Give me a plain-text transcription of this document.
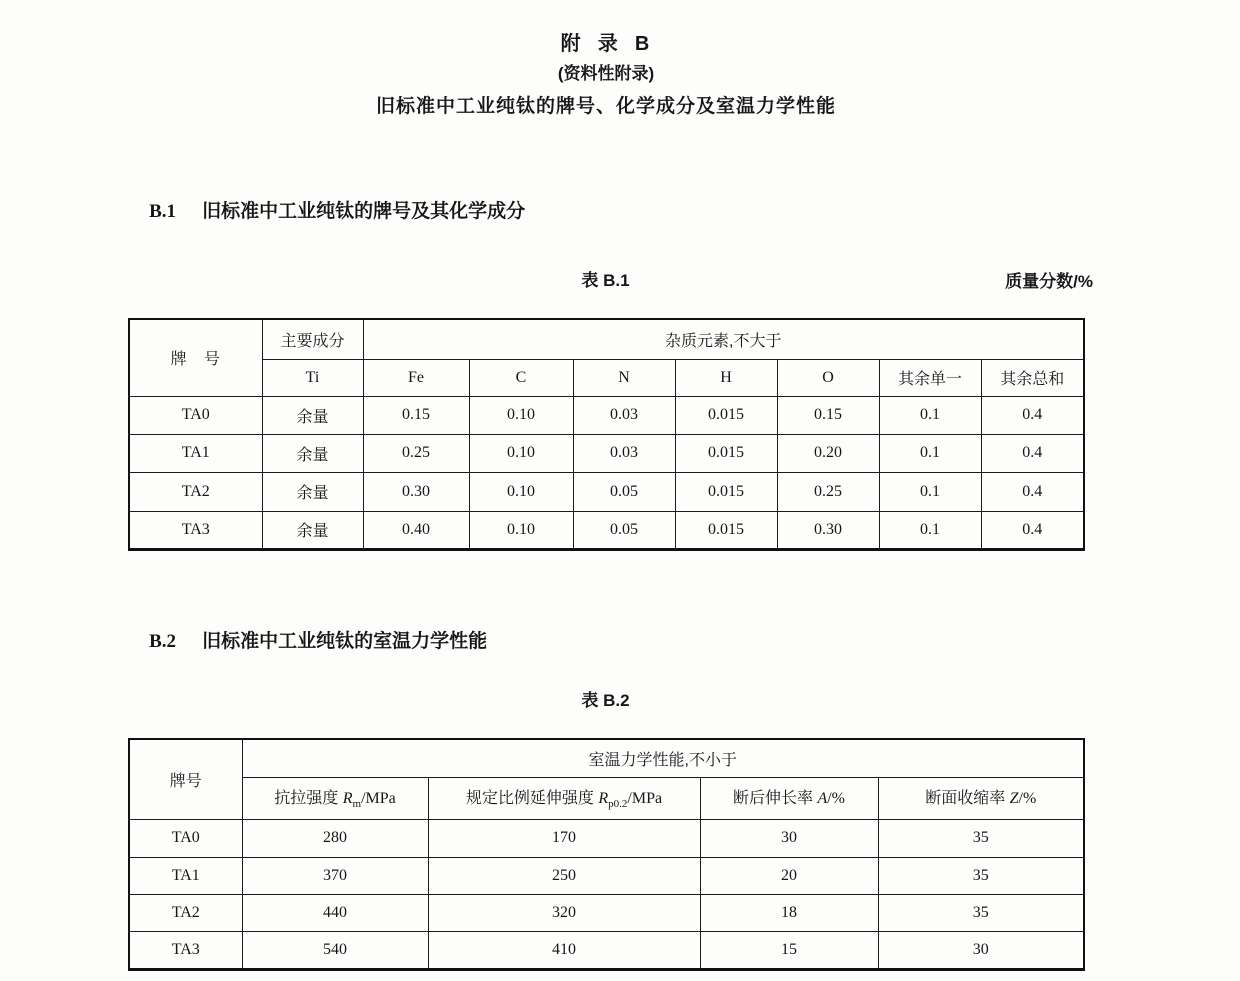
附  录  B
(资料性附录)
旧标准中工业纯钛的牌号、化学成分及室温力学性能

B.1 旧标准中工业纯钛的牌号及其化学成分

表 B.1	质量分数/%
牌   号	主要成分	杂质元素,不大于						
	Ti	Fe	C	N	H	O	其余单一	其余总和
TA0	余量	0.15	0.10	0.03	0.015	0.15	0.1	0.4
TA1	余量	0.25	0.10	0.03	0.015	0.20	0.1	0.4
TA2	余量	0.30	0.10	0.05	0.015	0.25	0.1	0.4
TA3	余量	0.40	0.10	0.05	0.015	0.30	0.1	0.4

B.2 旧标准中工业纯钛的室温力学性能

表 B.2
牌号	室温力学性能,不小于			
	抗拉强度 $R_m$/MPa	规定比例延伸强度 $R_{p0.2}$/MPa	断后伸长率 A/%	断面收缩率 Z/%
TA0	280	170	30	35
TA1	370	250	20	35
TA2	440	320	18	35
TA3	540	410	15	30
